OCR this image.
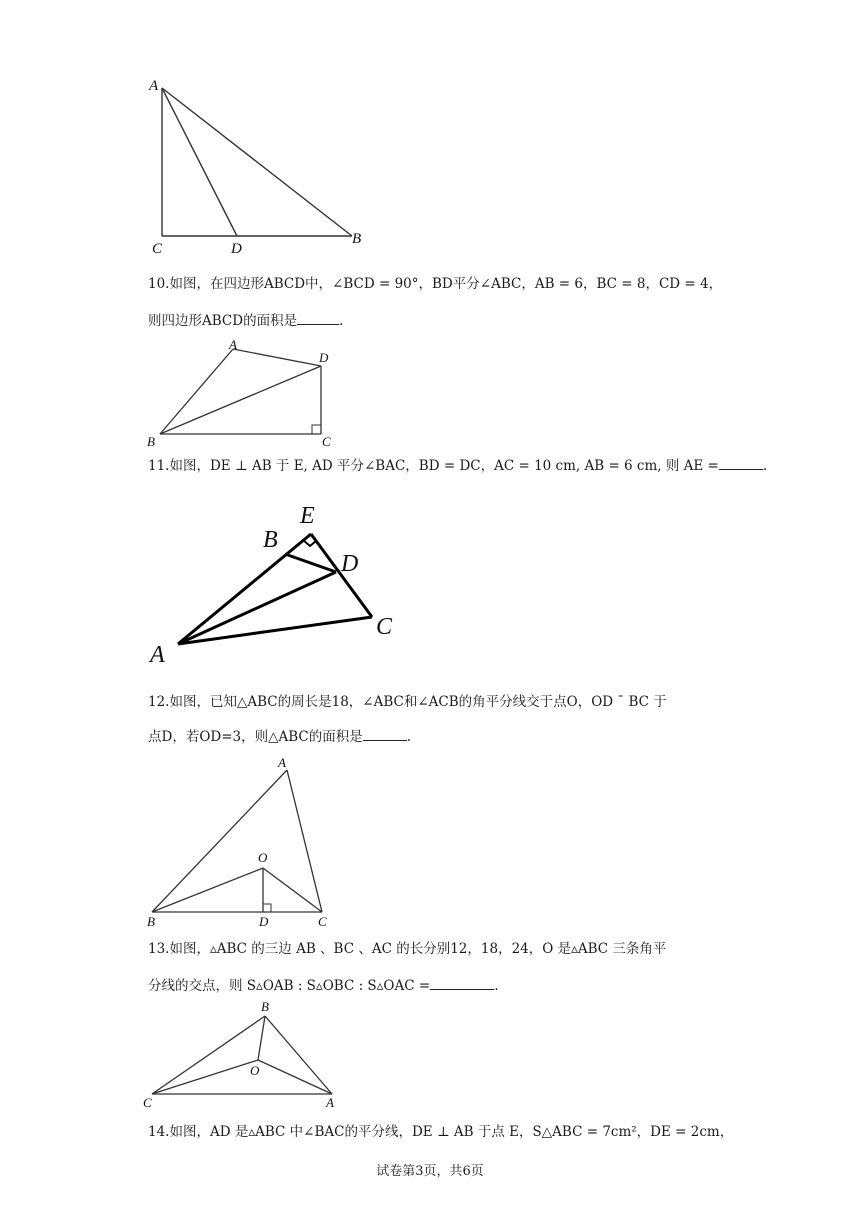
A
C	D
B
10.如图，在四边形ABCD中，∠BCD = 90°，BD平分∠ABC，AB = 6，BC = 8，CD = 4，
则四边形ABCD的面积是	.
A
D
B	C
11.如图，DE ⊥ AB 于 E, AD 平分∠BAC，BD = DC，AC = 10 cm, AB = 6 cm, 则 AE =	.
E
B
D
C
A
12.如图，已知△ABC的周长是18，∠ABC和∠ACB的角平分线交于点O，OD ˉ BC 于
点D，若OD=3，则△ABC的面积是	.
A
O
B	D	C
13.如图，▵ABC 的三边 AB 、BC 、AC 的长分别12，18，24，O 是▵ABC 三条角平
分线的交点，则 S▵OAB : S▵OBC : S▵OAC =	.
B
O
C	A
14.如图，AD 是▵ABC 中∠BAC的平分线，DE ⊥ AB 于点 E，S△ABC = 7cm²，DE = 2cm，
试卷第3页，共6页
